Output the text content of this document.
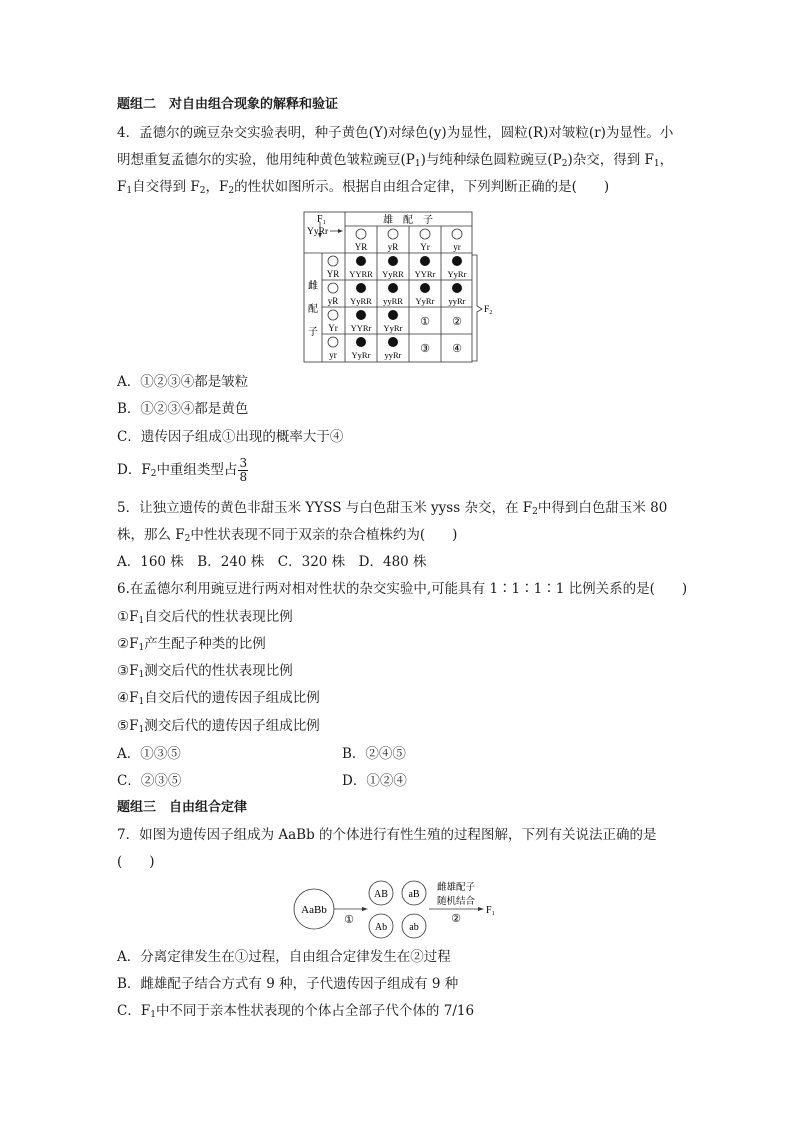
题组二　对自由组合现象的解释和验证
4．孟德尔的豌豆杂交实验表明，种子黄色(Y)对绿色(y)为显性，圆粒(R)对皱粒(r)为显性。小
明想重复孟德尔的实验，他用纯种黄色皱粒豌豆$(P_1)$与纯种绿色圆粒豌豆$(P_2)$杂交，得到 $F_1$，
$F_1$自交得到 $F_2$，$F_2$的性状如图所示。根据自由组合定律，下列判断正确的是(　　)
F₁
YyRr
雄　配　子
雌
配
子
F₂
YR
YR
yR
yR
Yr
Yr
yr
yr
YYRR YyRR YYRr YyRr
YyRR yyRR YyRr yyRr
YYRr YyRr ① ②
YyRr yyRr ③ ④
A．①②③④都是皱粒
B．①②③④都是黄色
C．遗传因子组成①出现的概率大于④
D．$F_2$中重组类型占 $\frac{3}{8}$
5．让独立遗传的黄色非甜玉米 YYSS 与白色甜玉米 yyss 杂交，在 $F_2$中得到白色甜玉米 80
株，那么 $F_2$中性状表现不同于双亲的杂合植株约为(　　)
A．160 株　B．240 株　C．320 株　D．480 株
6.在孟德尔利用豌豆进行两对相对性状的杂交实验中,可能具有 1∶1∶1∶1 比例关系的是(　　)
$①F_1$自交后代的性状表现比例
$②F_1$产生配子种类的比例
$③F_1$测交后代的性状表现比例
$④F_1$自交后代的遗传因子组成比例
$⑤F_1$测交后代的遗传因子组成比例
A．①③⑤	B．②④⑤
C．②③⑤	D．①②④
题组三　自由组合定律
7．如图为遗传因子组成为 AaBb 的个体进行有性生殖的过程图解，下列有关说法正确的是
(　　)
AaBb
①
AB aB
Ab ab
雌雄配子
随机结合
②
F₁
A．分离定律发生在①过程，自由组合定律发生在②过程
B．雌雄配子结合方式有 9 种，子代遗传因子组成有 9 种
C．$F_1$中不同于亲本性状表现的个体占全部子代个体的 7/16
